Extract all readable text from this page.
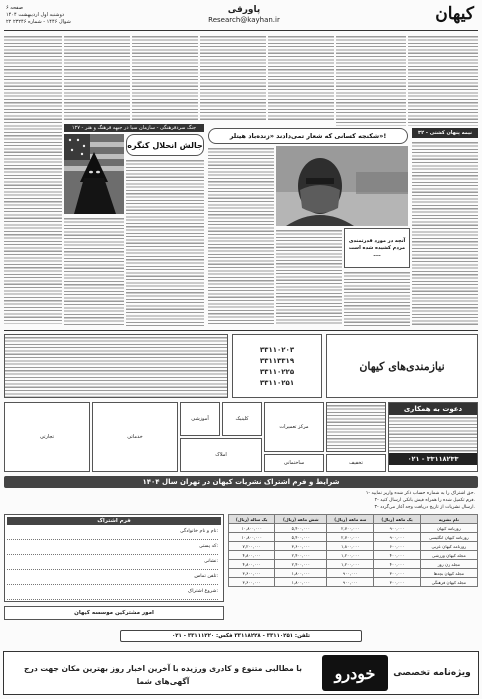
کیهان
پاورقی
Research@kayhan.ir
صفحه ۶
دوشنبه اول اردیبهشت ۱۴۰۴
۲۲ شوال ۱۴۴۶ - شماره ۲۳۲۴۶
جنگ سردفرهنگی - سازمان سیا در جبهه فرهنگ و هنر - ۱۲۷
جالش انحلال کنگره
شکنجه کسانی که شعار تمی‌دادند «زنده‌باد هیتلر»!	نیمه پنهان کشتی - ۳۲
آنچه در مورد قدرتمندی مردم کشیده شده است ....
۳۳۱۱۰۲۰۳
۳۳۱۱۳۳۱۹
۳۳۱۱۰۲۲۵
۳۳۱۱۰۲۵۱
نیازمندی‌های کیهان
تجارتی	خدماتی
آموزشی	کلینیک
املاک
مرکز تعمیرات
ساختمانی	تخفیف
دعوت به همکاری
۰۲۱ - ۳۳۱۱۸۲۳۳
شرایط و فرم اشتراک نشریات کیهان در تهران سال ۱۴۰۴
۱- حق اشتراک را به شماره حساب ذکر شده واریز نمایید.
۲- فرم تکمیل شده را همراه فیش بانکی ارسال کنید.
۳- ارسال نشریات از تاریخ دریافت وجه آغاز می‌گردد.
یک ساله (ریال)	شش ماهه (ریال)	سه ماهه (ریال)	یک ماهه (ریال)	نام نشریه
۱۰,۸۰۰,۰۰۰	۵,۴۰۰,۰۰۰	۲,۷۰۰,۰۰۰	۹۰۰,۰۰۰	روزنامه کیهان
۱۰,۸۰۰,۰۰۰	۵,۴۰۰,۰۰۰	۲,۷۰۰,۰۰۰	۹۰۰,۰۰۰	روزنامه کیهان انگلیسی
۷,۲۰۰,۰۰۰	۳,۶۰۰,۰۰۰	۱,۸۰۰,۰۰۰	۶۰۰,۰۰۰	روزنامه کیهان عربی
۴,۸۰۰,۰۰۰	۲,۴۰۰,۰۰۰	۱,۲۰۰,۰۰۰	۴۰۰,۰۰۰	مجله کیهان ورزشی
۴,۸۰۰,۰۰۰	۲,۴۰۰,۰۰۰	۱,۲۰۰,۰۰۰	۴۰۰,۰۰۰	مجله زن روز
۳,۶۰۰,۰۰۰	۱,۸۰۰,۰۰۰	۹۰۰,۰۰۰	۳۰۰,۰۰۰	مجله کیهان بچه‌ها
۳,۶۰۰,۰۰۰	۱,۸۰۰,۰۰۰	۹۰۰,۰۰۰	۳۰۰,۰۰۰	مجله کیهان فرهنگی
فرم اشتراک
نام و نام خانوادگی:
کد پستی:
نشانی:
تلفن تماس:
شروع اشتراک:
امور مشترکین موسسه کیهان
تلفن: ۳۳۱۱۰۲۵۱ - ۳۳۱۱۸۲۲۸ فکس: ۳۳۱۱۱۲۲۰ - ۰۲۱
ویژه‌نامه تخصصی
خودرو
با مطالبی متنوع و کادری ورزیده با آخرین اخبار روز بهترین مکان جهت درج آگهی‌های شما
